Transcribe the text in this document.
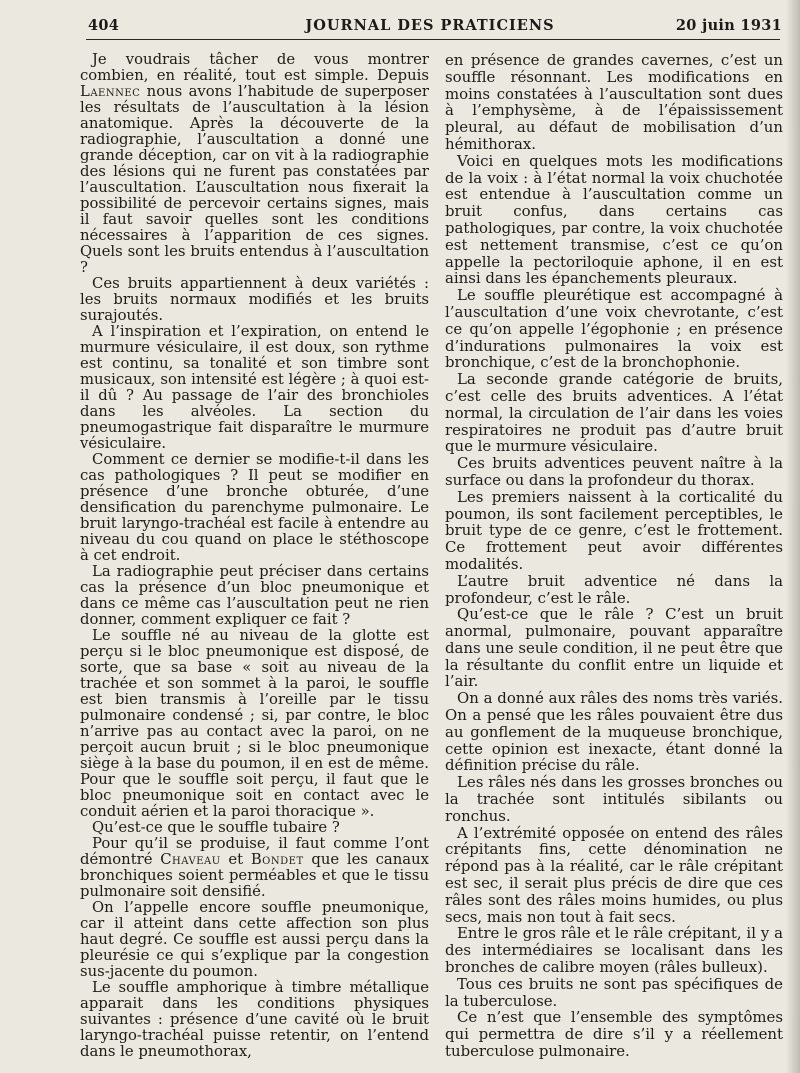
404	JOURNAL DES PRATICIENS	20 juin 1931

Je voudrais tâcher de vous montrer combien, en réalité, tout est simple. Depuis Laennec nous avons l’habitude de superposer les résultats de l’auscultation à la lésion anatomique. Après la découverte de la radiographie, l’auscultation a donné une grande déception, car on vit à la radiographie des lésions qui ne furent pas constatées par l’auscultation. L’auscultation nous fixerait la possibilité de percevoir certains signes, mais il faut savoir quelles sont les conditions nécessaires à l’apparition de ces signes. Quels sont les bruits entendus à l’auscultation ?

Ces bruits appartiennent à deux variétés : les bruits normaux modifiés et les bruits surajoutés.

A l’inspiration et l’expiration, on entend le murmure vésiculaire, il est doux, son rythme est continu, sa tonalité et son timbre sont musicaux, son intensité est légère ; à quoi est-il dû ? Au passage de l’air des bronchioles dans les alvéoles. La section du pneumogastrique fait disparaître le murmure vésiculaire.

Comment ce dernier se modifie-t-il dans les cas pathologiques ? Il peut se modifier en présence d’une bronche obturée, d’une densification du parenchyme pulmonaire. Le bruit laryngo-trachéal est facile à entendre au niveau du cou quand on place le stéthoscope à cet endroit.

La radiographie peut préciser dans certains cas la présence d’un bloc pneumonique et dans ce même cas l’auscultation peut ne rien donner, comment expliquer ce fait ?

Le souffle né au niveau de la glotte est perçu si le bloc pneumonique est disposé, de sorte, que sa base « soit au niveau de la trachée et son sommet à la paroi, le souffle est bien transmis à l’oreille par le tissu pulmonaire condensé ; si, par contre, le bloc n’arrive pas au contact avec la paroi, on ne perçoit aucun bruit ; si le bloc pneumonique siège à la base du poumon, il en est de même. Pour que le souffle soit perçu, il faut que le bloc pneumonique soit en contact avec le conduit aérien et la paroi thoracique ».

Qu’est-ce que le souffle tubaire ?

Pour qu’il se produise, il faut comme l’ont démontré Chaveau et Bondet que les canaux bronchiques soient perméables et que le tissu pulmonaire soit densifié.

On l’appelle encore souffle pneumonique, car il atteint dans cette affection son plus haut degré. Ce souffle est aussi perçu dans la pleurésie ce qui s’explique par la congestion sus-jacente du poumon.

Le souffle amphorique à timbre métallique apparait dans les conditions physiques suivantes : présence d’une cavité où le bruit laryngo-trachéal puisse retentir, on l’entend dans le pneumothorax,

en présence de grandes cavernes, c’est un souffle résonnant. Les modifications en moins constatées à l’auscultation sont dues à l’emphysème, à de l’épaississement pleural, au défaut de mobilisation d’un hémithorax.

Voici en quelques mots les modifications de la voix : à l’état normal la voix chuchotée est entendue à l’auscultation comme un bruit confus, dans certains cas pathologiques, par contre, la voix chuchotée est nettement transmise, c’est ce qu’on appelle la pectoriloquie aphone, il en est ainsi dans les épanchements pleuraux.

Le souffle pleurétique est accompagné à l’auscultation d’une voix chevrotante, c’est ce qu’on appelle l’égophonie ; en présence d’indurations pulmonaires la voix est bronchique, c’est de la bronchophonie.

La seconde grande catégorie de bruits, c’est celle des bruits adventices. A l’état normal, la circulation de l’air dans les voies respiratoires ne produit pas d’autre bruit que le murmure vésiculaire.

Ces bruits adventices peuvent naître à la surface ou dans la profondeur du thorax.

Les premiers naissent à la corticalité du poumon, ils sont facilement perceptibles, le bruit type de ce genre, c’est le frottement. Ce frottement peut avoir différentes modalités.

L’autre bruit adventice né dans la profondeur, c’est le râle.

Qu’est-ce que le râle ? C’est un bruit anormal, pulmonaire, pouvant apparaître dans une seule condition, il ne peut être que la résultante du conflit entre un liquide et l’air.

On a donné aux râles des noms très variés. On a pensé que les râles pouvaient être dus au gonflement de la muqueuse bronchique, cette opinion est inexacte, étant donné la définition précise du râle.

Les râles nés dans les grosses bronches ou la trachée sont intitulés sibilants ou ronchus.

A l’extrémité opposée on entend des râles crépitants fins, cette dénomination ne répond pas à la réalité, car le râle crépitant est sec, il serait plus précis de dire que ces râles sont des râles moins humides, ou plus secs, mais non tout à fait secs.

Entre le gros râle et le râle crépitant, il y a des intermédiaires se localisant dans les bronches de calibre moyen (râles bulleux).

Tous ces bruits ne sont pas spécifiques de la tuberculose.

Ce n’est que l’ensemble des symptômes qui permettra de dire s’il y a réellement tuberculose pulmonaire.
